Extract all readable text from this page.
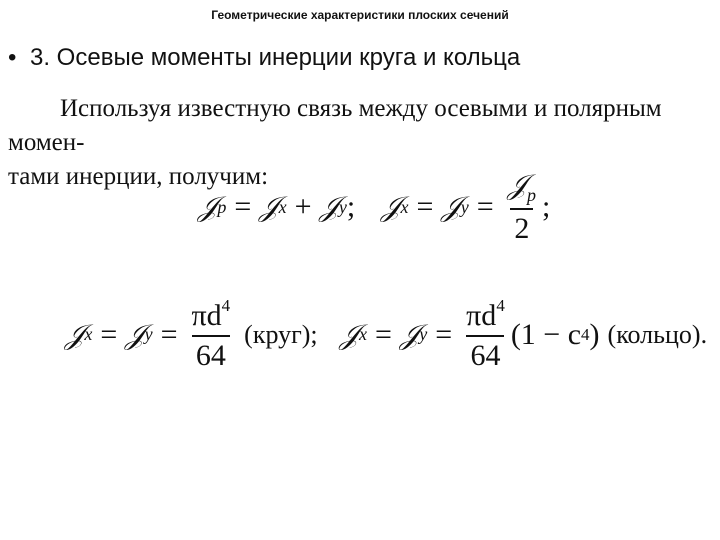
Геометрические характеристики плоских сечений
• 3. Осевые моменты инерции круга и кольца
Используя известную связь между осевыми и полярным момен-
тами инерции, получим:
𝒥 p = 𝒥 x + 𝒥 y ; 𝒥 x = 𝒥 $y = \frac{𝒥_p}{2}$ ;
𝒥 x = 𝒥 $y = \frac{\pi d^4}{64}$ (круг); 𝒥 x = 𝒥 $y = \frac{\pi d^4}{64} (1 - c$ 4 ) (кольцо).
